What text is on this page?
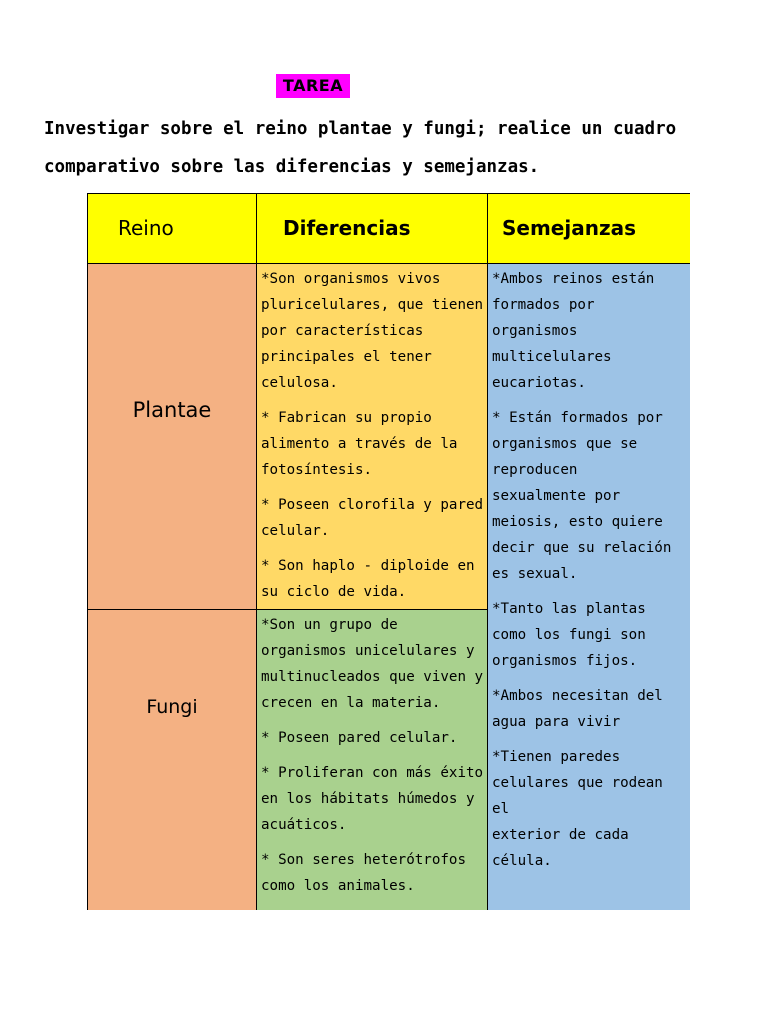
TAREA

Investigar sobre el reino plantae y fungi; realice un cuadro
comparativo sobre las diferencias y semejanzas.

Reino	Diferencias	Semejanzas
Plantae
*Son organismos vivos
pluricelulares, que tienen
por características
principales el tener
celulosa.
* Fabrican su propio
alimento a través de la
fotosíntesis.
* Poseen clorofila y pared
celular.
* Son haplo - diploide en
su ciclo de vida.
Fungi
*Son un grupo de
organismos unicelulares y
multinucleados que viven y
crecen en la materia.
* Poseen pared celular.
* Proliferan con más éxito
en los hábitats húmedos y
acuáticos.
* Son seres heterótrofos
como los animales.
*Ambos reinos están
formados por
organismos
multicelulares
eucariotas.
* Están formados por
organismos que se
reproducen
sexualmente por
meiosis, esto quiere
decir que su relación
es sexual.
*Tanto las plantas
como los fungi son
organismos fijos.
*Ambos necesitan del
agua para vivir
*Tienen paredes
celulares que rodean el
exterior de cada
célula.
